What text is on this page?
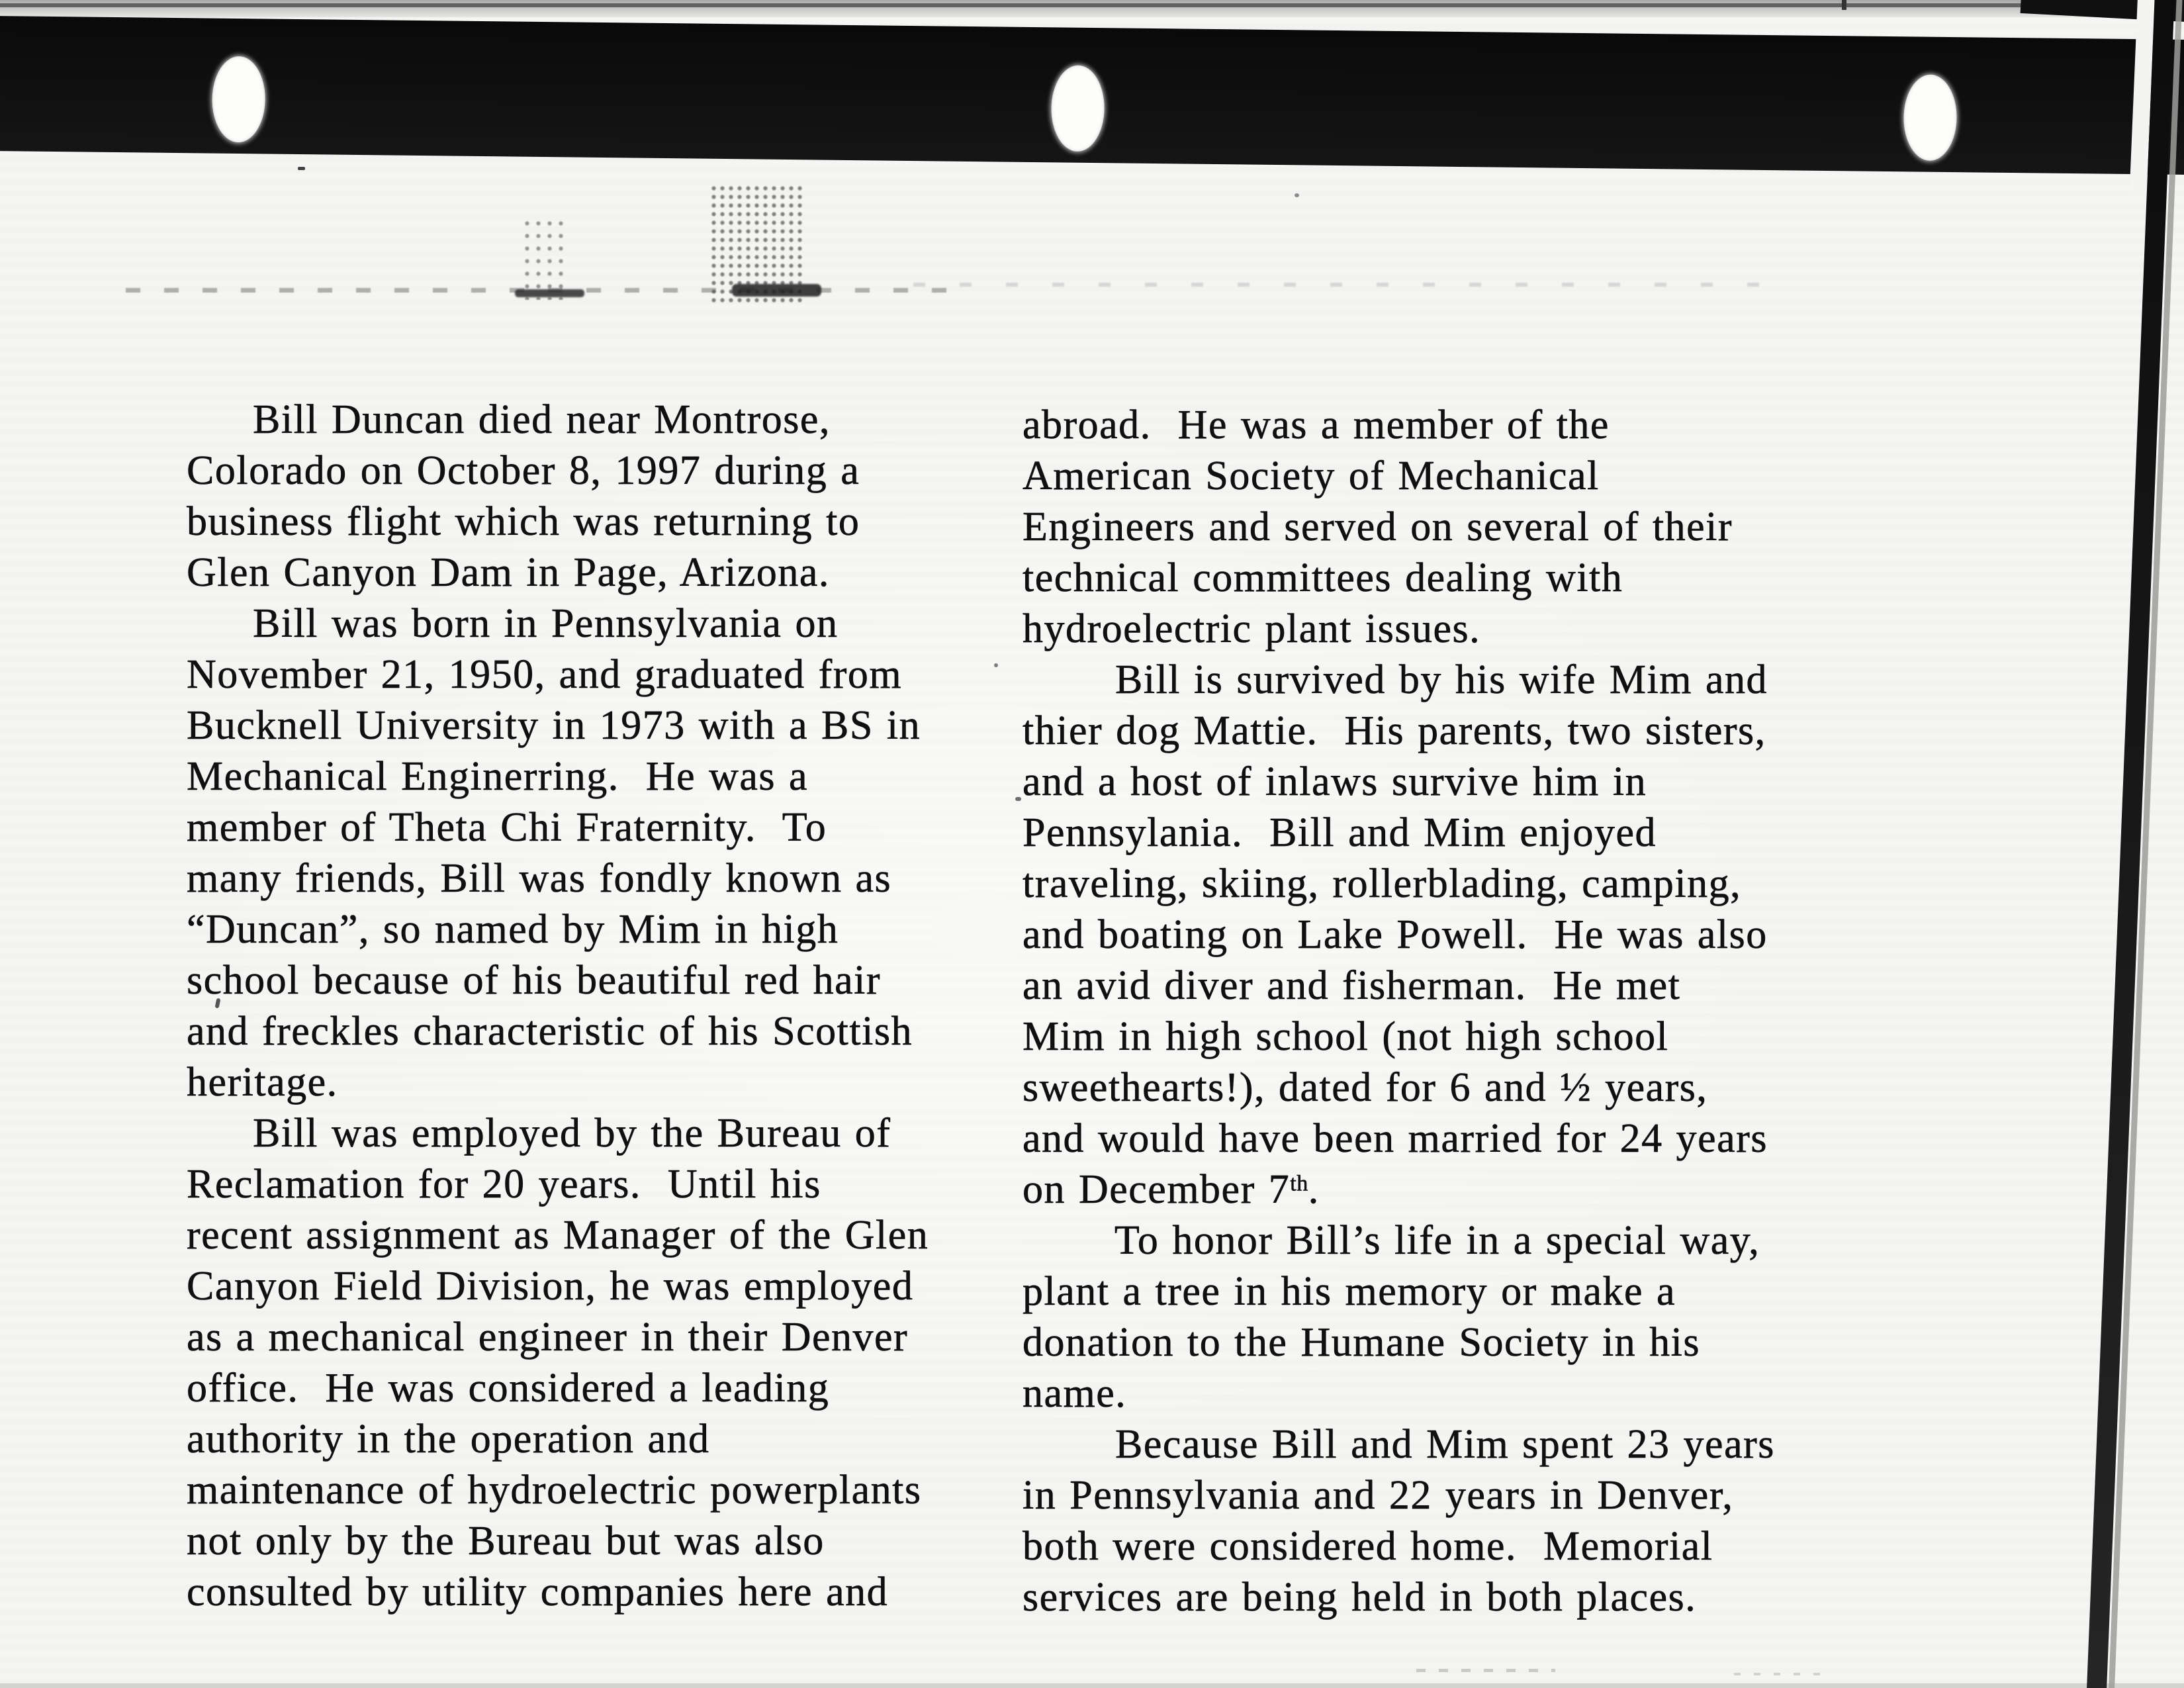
Bill Duncan died near Montrose,
Colorado on October 8, 1997 during a
business flight which was returning to
Glen Canyon Dam in Page, Arizona.
Bill was born in Pennsylvania on
November 21, 1950, and graduated from
Bucknell University in 1973 with a BS in
Mechanical Enginerring.  He was a
member of Theta Chi Fraternity.  To
many friends, Bill was fondly known as
“Duncan”, so named by Mim in high
school because of his beautiful red hair
and freckles characteristic of his Scottish
heritage.
Bill was employed by the Bureau of
Reclamation for 20 years.  Until his
recent assignment as Manager of the Glen
Canyon Field Division, he was employed
as a mechanical engineer in their Denver
office.  He was considered a leading
authority in the operation and
maintenance of hydroelectric powerplants
not only by the Bureau but was also
consulted by utility companies here and
abroad.  He was a member of the
American Society of Mechanical
Engineers and served on several of their
technical committees dealing with
hydroelectric plant issues.
Bill is survived by his wife Mim and
thier dog Mattie.  His parents, two sisters,
and a host of inlaws survive him in
Pennsylania.  Bill and Mim enjoyed
traveling, skiing, rollerblading, camping,
and boating on Lake Powell.  He was also
an avid diver and fisherman.  He met
Mim in high school (not high school
sweethearts!), dated for 6 and ½ years,
and would have been married for 24 years
on December 7th.
To honor Bill’s life in a special way,
plant a tree in his memory or make a
donation to the Humane Society in his
name.
Because Bill and Mim spent 23 years
in Pennsylvania and 22 years in Denver,
both were considered home.  Memorial
services are being held in both places.
